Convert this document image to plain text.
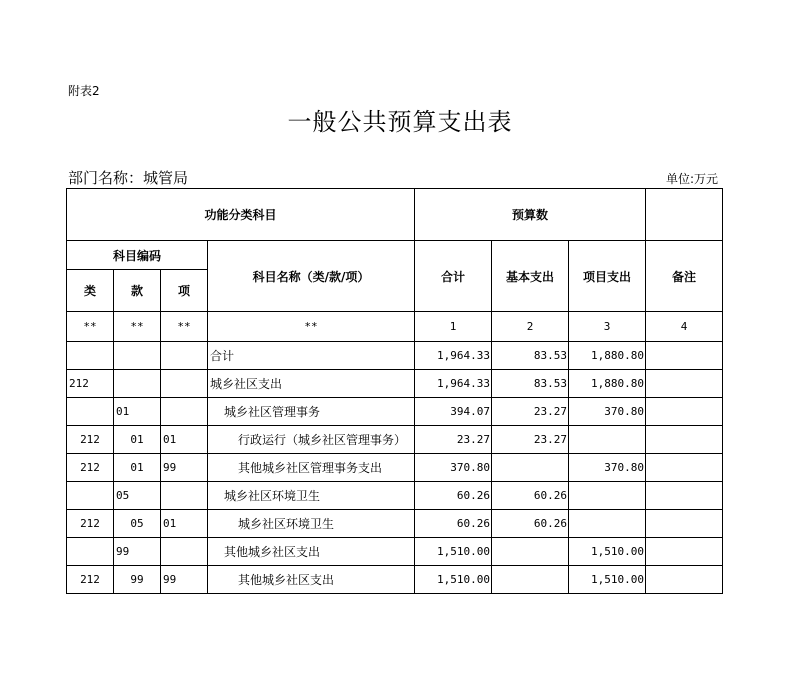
附表2
一般公共预算支出表
部门名称：城管局	单位:万元
功能分类科目				预算数			
科目编码			科目名称（类/款/项）	合计	基本支出	项目支出	备注
类	款	项					
**	**	**	**	1	2	3	4
			合计	1,964.33	83.53	1,880.80	
212			城乡社区支出	1,964.33	83.53	1,880.80	
	01		城乡社区管理事务	394.07	23.27	370.80	
212	01	01	行政运行（城乡社区管理事务）	23.27	23.27		
212	01	99	其他城乡社区管理事务支出	370.80		370.80	
	05		城乡社区环境卫生	60.26	60.26		
212	05	01	城乡社区环境卫生	60.26	60.26		
	99		其他城乡社区支出	1,510.00		1,510.00	
212	99	99	其他城乡社区支出	1,510.00		1,510.00	
